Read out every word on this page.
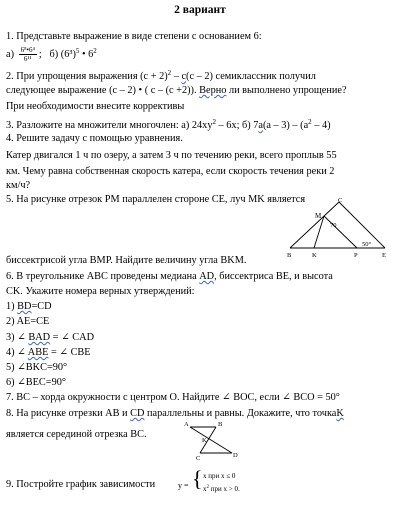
2 вариант
1. Представьте выражение в виде степени с основанием 6:
$а) \frac{\text{6⁸•6⁴}}{\text{6¹¹}}$ ; б) $(6^3)^5$ • $6^2$
2. При упрощения выражения $(c + 2)^2 - c(c - 2)$ семиклассник получил
следующее выражение (c – 2) • ( c – (c +2)). Верно ли выполнено упрощение?
При необходимости внесите коррективы
3. Разложите на множители многочлен: а) $24xy^2 - 6x$; б) $7a(a - 3) - (a^2 - 4)$
4. Решите задачу с помощью уравнения.
Катер двигался 1 ч по озеру, а затем 3 ч по течению реки, всего проплыв 55
км. Чему равна собственная скорость катера, если скорость течения реки 2
км/ч?
5. На рисунке отрезок PM параллелен стороне CE, луч MK является	C
M
70
50°
B	K	P	E
биссектрисой угла BMP. Найдите величину угла BKM.
6. В треугольнике ABC проведены медиана AD, биссектриса BE, и высота
CK. Укажите номера верных утверждений:
1) BD=CD
2) AE=CE
3) ∠ BAD = ∠ CAD
4) ∠ ABE = ∠ CBE
5) ∠BKC=90°
6) ∠BEC=90°
7. BC – хорда окружности с центром O. Найдите ∠ BOC, если ∠ BCO = 50°
8. На рисунке отрезки AB и CD параллельны и равны. Докажите, что точкаK
A	B
C	D
K
является серединой отрезка BC.
9. Постройте график зависимости	y = { x при x ≤ 0
$x^2$ при x > 0.
